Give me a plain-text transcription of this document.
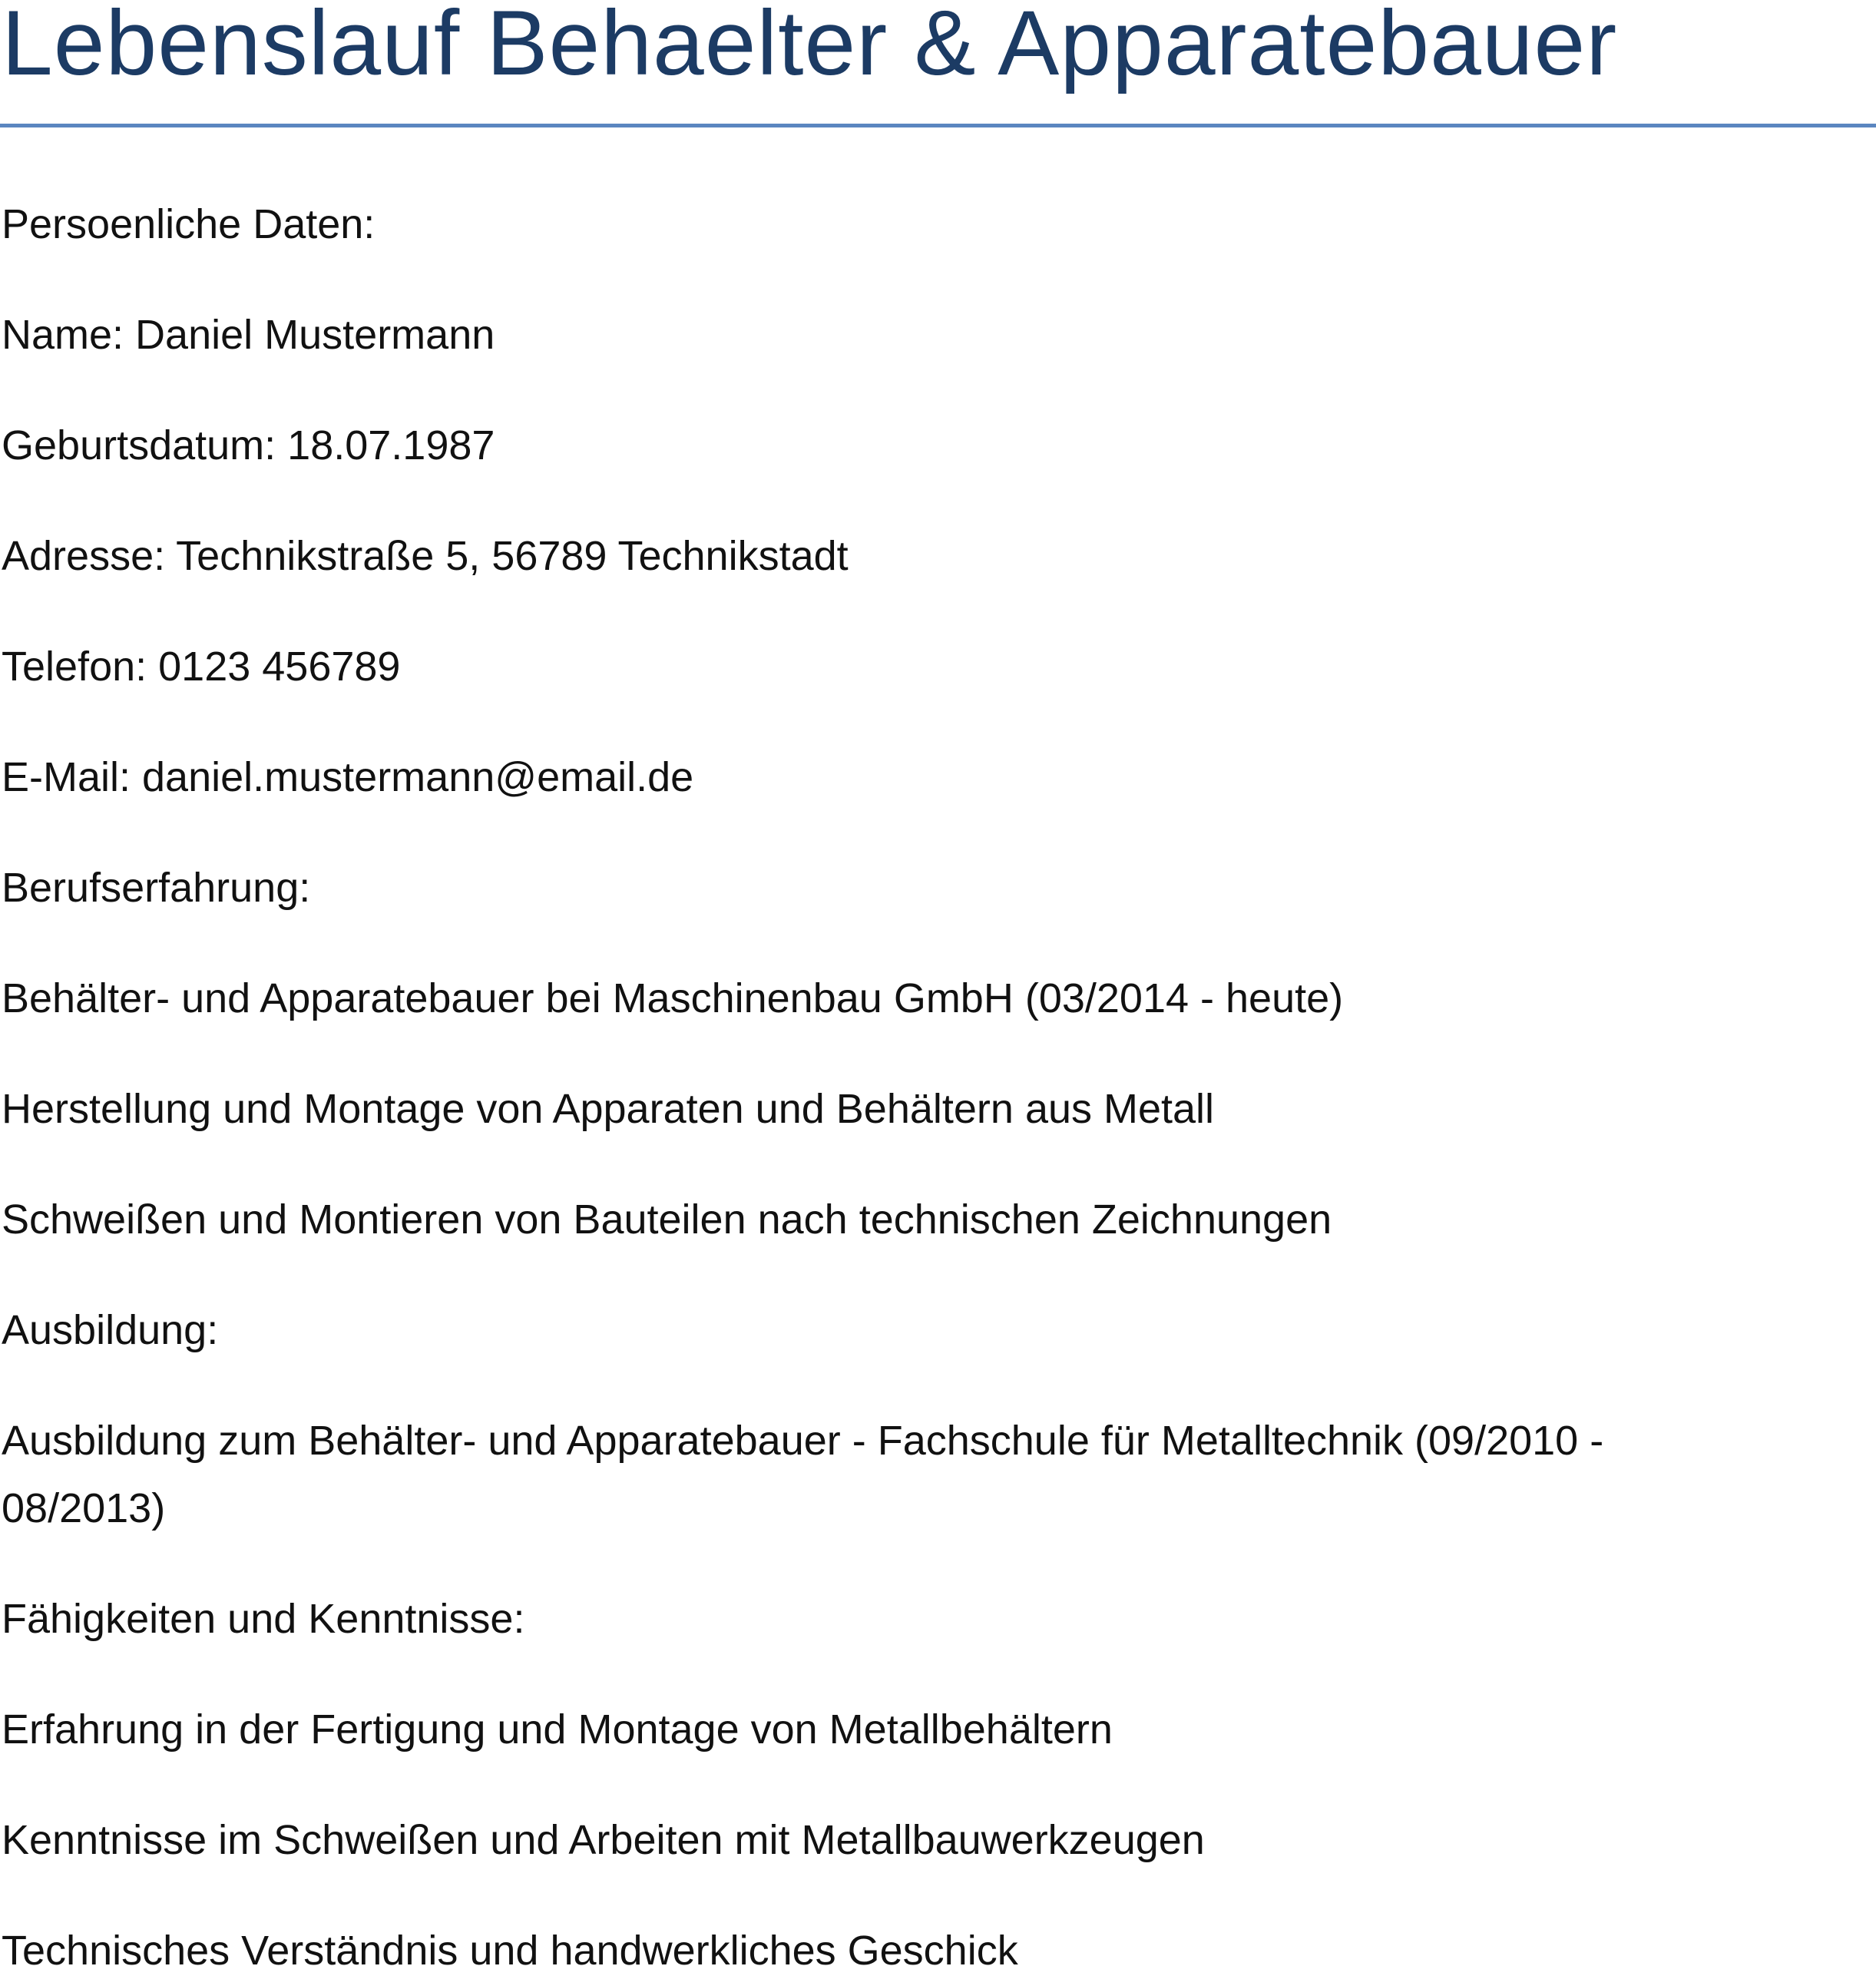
Lebenslauf Behaelter & Apparatebauer

Persoenliche Daten:

Name: Daniel Mustermann

Geburtsdatum: 18.07.1987

Adresse: Technikstraße 5, 56789 Technikstadt

Telefon: 0123 456789

E-Mail: daniel.mustermann@email.de

Berufserfahrung:

Behälter- und Apparatebauer bei Maschinenbau GmbH (03/2014 - heute)

Herstellung und Montage von Apparaten und Behältern aus Metall

Schweißen und Montieren von Bauteilen nach technischen Zeichnungen

Ausbildung:

Ausbildung zum Behälter- und Apparatebauer - Fachschule für Metalltechnik (09/2010 -

08/2013)

Fähigkeiten und Kenntnisse:

Erfahrung in der Fertigung und Montage von Metallbehältern

Kenntnisse im Schweißen und Arbeiten mit Metallbauwerkzeugen

Technisches Verständnis und handwerkliches Geschick
